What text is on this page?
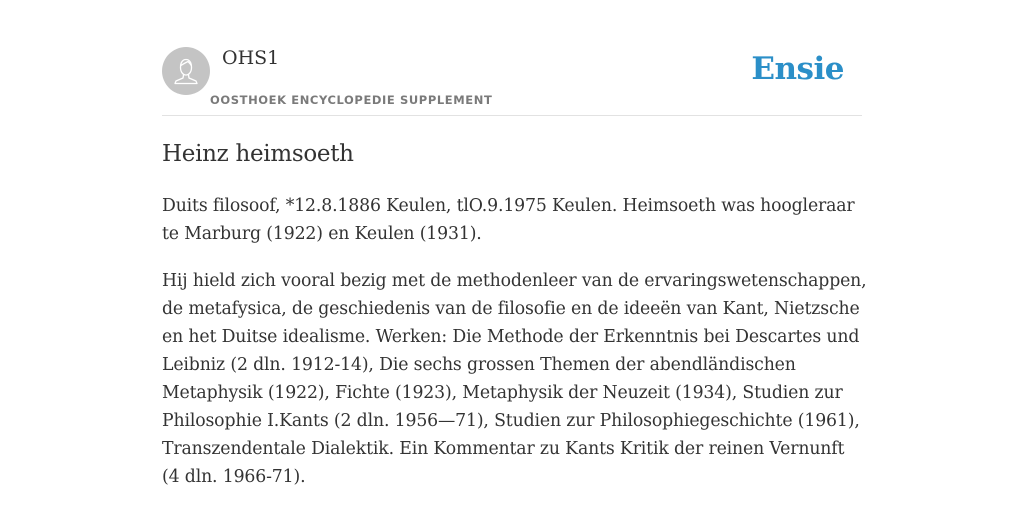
OHS1
OOSTHOEK ENCYCLOPEDIE SUPPLEMENT
Ensie
Heinz heimsoeth

Duits filosoof, *12.8.1886 Keulen, tlO.9.1975 Keulen. Heimsoeth was hoogleraar te Marburg (1922) en Keulen (1931).

Hij hield zich vooral bezig met de methodenleer van de ervaringswetenschappen, de metafysica, de geschiedenis van de filosofie en de ideeën van Kant, Nietzsche en het Duitse idealisme. Werken: Die Methode der Erkenntnis bei Descartes und Leibniz (2 dln. 1912-14), Die sechs grossen Themen der abendländischen Metaphysik (1922), Fichte (1923), Metaphysik der Neuzeit (1934), Studien zur Philosophie I.Kants (2 dln. 1956—71), Studien zur Philosophiegeschichte (1961), Transzendentale Dialektik. Ein Kommentar zu Kants Kritik der reinen Vernunft (4 dln. 1966-71).
